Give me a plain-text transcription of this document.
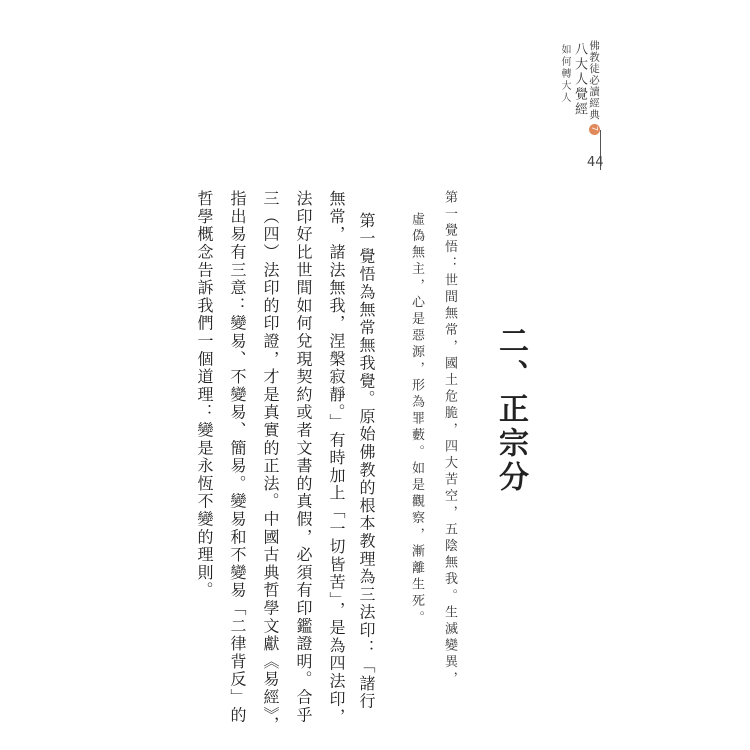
佛教徒必讀經典7
八大人覺經
如何轉大人
44
二、正宗分
第一覺悟：世間無常，國土危脆，四大苦空，五陰無我。生滅變異，
虛偽無主，心是惡源，形為罪藪。如是觀察，漸離生死。
第一覺悟為無常無我覺。原始佛教的根本教理為三法印：「諸行
無常，諸法無我，涅槃寂靜。」有時加上「一切皆苦」，是為四法印，
法印好比世間如何兌現契約或者文書的真假，必須有印鑑證明。合乎
三（四）法印的印證，才是真實的正法。中國古典哲學文獻《易經》，
指出易有三意：變易、不變易、簡易。變易和不變易「二律背反」的
哲學概念告訴我們一個道理：變是永恆不變的理則。
